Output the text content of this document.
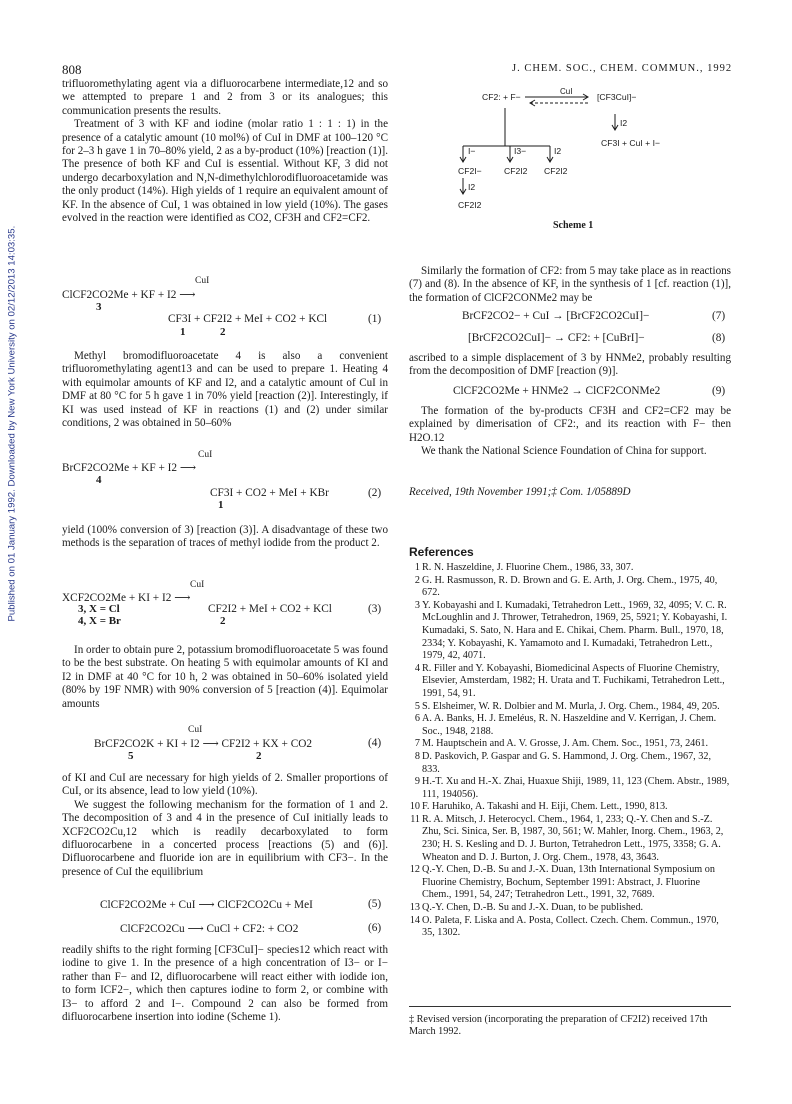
808	J. CHEM. SOC., CHEM. COMMUN., 1992
Published on 01 January 1992. Downloaded by New York University on 02/12/2013 14:03:35.

trifluoromethylating agent via a difluorocarbene intermediate,12 and so we attempted to prepare 1 and 2 from 3 or its analogues; this communication presents the results.

Treatment of 3 with KF and iodine (molar ratio 1 : 1 : 1) in the presence of a catalytic amount (10 mol%) of CuI in DMF at 100–120 °C for 2–3 h gave 1 in 70–80% yield, 2 as a by-product (10%) [reaction (1)]. The presence of both KF and CuI is essential. Without KF, 3 did not undergo decarboxylation and N,N-dimethylchlorodifluoroacetamide was the only product (14%). High yields of 1 require an equivalent amount of KF. In the absence of CuI, 1 was obtained in low yield (10%). The gases evolved in the reaction were identified as CO2, CF3H and CF2=CF2.

CuI
ClCF2CO2Me + KF + I2 ⟶
3
CF3I + CF2I2 + MeI + CO2 + KCl
1	2
(1)

Methyl bromodifluoroacetate 4 is also a convenient trifluoromethylating agent13 and can be used to prepare 1. Heating 4 with equimolar amounts of KF and I2, and a catalytic amount of CuI in DMF at 80 °C for 5 h gave 1 in 70% yield [reaction (2)]. Interestingly, if KI was used instead of KF in reactions (1) and (2) under similar conditions, 2 was obtained in 50–60%

CuI
BrCF2CO2Me + KF + I2 ⟶
4
CF3I + CO2 + MeI + KBr
1
(2)

yield (100% conversion of 3) [reaction (3)]. A disadvantage of these two methods is the separation of traces of methyl iodide from the product 2.

CuI
XCF2CO2Me + KI + I2 ⟶
3, X = Cl
4, X = Br
CF2I2 + MeI + CO2 + KCl
2
(3)

In order to obtain pure 2, potassium bromodifluoroacetate 5 was found to be the best substrate. On heating 5 with equimolar amounts of KI and I2 in DMF at 40 °C for 10 h, 2 was obtained in 50–60% isolated yield (80% by 19F NMR) with 90% conversion of 5 [reaction (4)]. Equimolar amounts

CuI
BrCF2CO2K + KI + I2 ⟶ CF2I2 + KX + CO2
5	2
(4)

of KI and CuI are necessary for high yields of 2. Smaller proportions of CuI, or its absence, lead to low yield (10%).

We suggest the following mechanism for the formation of 1 and 2. The decomposition of 3 and 4 in the presence of CuI initially leads to XCF2CO2Cu,12 which is readily decarboxylated to form difluorocarbene in a concerted process [reactions (5) and (6)]. Difluorocarbene and fluoride ion are in equilibrium with CF3−. In the presence of CuI the equilibrium

ClCF2CO2Me + CuI ⟶ ClCF2CO2Cu + MeI	(5)
ClCF2CO2Cu ⟶ CuCl + CF2: + CO2	(6)

readily shifts to the right forming [CF3CuI]− species12 which react with iodine to give 1. In the presence of a high concentration of I3− or I− rather than F− and I2, difluorocarbene will react either with iodide ion, to form ICF2−, which then captures iodine to form 2, or combine with I3− to afford 2 and I−. Compound 2 can also be formed from difluorocarbene insertion into iodine (Scheme 1).

CF2: + F−
CuI
[CF3CuI]−
I2
CF3I + CuI + I−
I−	I3−	I2
CF2I−	CF2I2 CF2I2
I2
CF2I2
Scheme 1

Similarly the formation of CF2: from 5 may take place as in reactions (7) and (8). In the absence of KF, in the synthesis of 1 [cf. reaction (1)], the formation of ClCF2CONMe2 may be

BrCF2CO2− + CuI → [BrCF2CO2CuI]−	(7)
[BrCF2CO2CuI]− → CF2: + [CuBrI]−	(8)

ascribed to a simple displacement of 3 by HNMe2, probably resulting from the decomposition of DMF [reaction (9)].

ClCF2CO2Me + HNMe2 → ClCF2CONMe2	(9)

The formation of the by-products CF3H and CF2=CF2 may be explained by dimerisation of CF2:, and its reaction with F− then H2O.12

We thank the National Science Foundation of China for support.

Received, 19th November 1991;‡ Com. 1/05889D
References

1 R. N. Haszeldine, J. Fluorine Chem., 1986, 33, 307.

2 G. H. Rasmusson, R. D. Brown and G. E. Arth, J. Org. Chem., 1975, 40, 672.

3 Y. Kobayashi and I. Kumadaki, Tetrahedron Lett., 1969, 32, 4095; V. C. R. McLoughlin and J. Thrower, Tetrahedron, 1969, 25, 5921; Y. Kobayashi, I. Kumadaki, S. Sato, N. Hara and E. Chikai, Chem. Pharm. Bull., 1970, 18, 2334; Y. Kobayashi, K. Yamamoto and I. Kumadaki, Tetrahedron Lett., 1979, 42, 4071.

4 R. Filler and Y. Kobayashi, Biomedicinal Aspects of Fluorine Chemistry, Elsevier, Amsterdam, 1982; H. Urata and T. Fuchikami, Tetrahedron Lett., 1991, 54, 91.

5 S. Elsheimer, W. R. Dolbier and M. Murla, J. Org. Chem., 1984, 49, 205.

6 A. A. Banks, H. J. Emeléus, R. N. Haszeldine and V. Kerrigan, J. Chem. Soc., 1948, 2188.

7 M. Hauptschein and A. V. Grosse, J. Am. Chem. Soc., 1951, 73, 2461.

8 D. Paskovich, P. Gaspar and G. S. Hammond, J. Org. Chem., 1967, 32, 833.

9 H.-T. Xu and H.-X. Zhai, Huaxue Shiji, 1989, 11, 123 (Chem. Abstr., 1989, 111, 194056).

10 F. Haruhiko, A. Takashi and H. Eiji, Chem. Lett., 1990, 813.

11 R. A. Mitsch, J. Heterocycl. Chem., 1964, 1, 233; Q.-Y. Chen and S.-Z. Zhu, Sci. Sinica, Ser. B, 1987, 30, 561; W. Mahler, Inorg. Chem., 1963, 2, 230; H. S. Kesling and D. J. Burton, Tetrahedron Lett., 1975, 3358; G. A. Wheaton and D. J. Burton, J. Org. Chem., 1978, 43, 3643.

12 Q.-Y. Chen, D.-B. Su and J.-X. Duan, 13th International Symposium on Fluorine Chemistry, Bochum, September 1991: Abstract, J. Fluorine Chem., 1991, 54, 247; Tetrahedron Lett., 1991, 32, 7689.

13 Q.-Y. Chen, D.-B. Su and J.-X. Duan, to be published.

14 O. Paleta, F. Liska and A. Posta, Collect. Czech. Chem. Commun., 1970, 35, 1302.

‡ Revised version (incorporating the preparation of CF2I2) received 17th March 1992.
